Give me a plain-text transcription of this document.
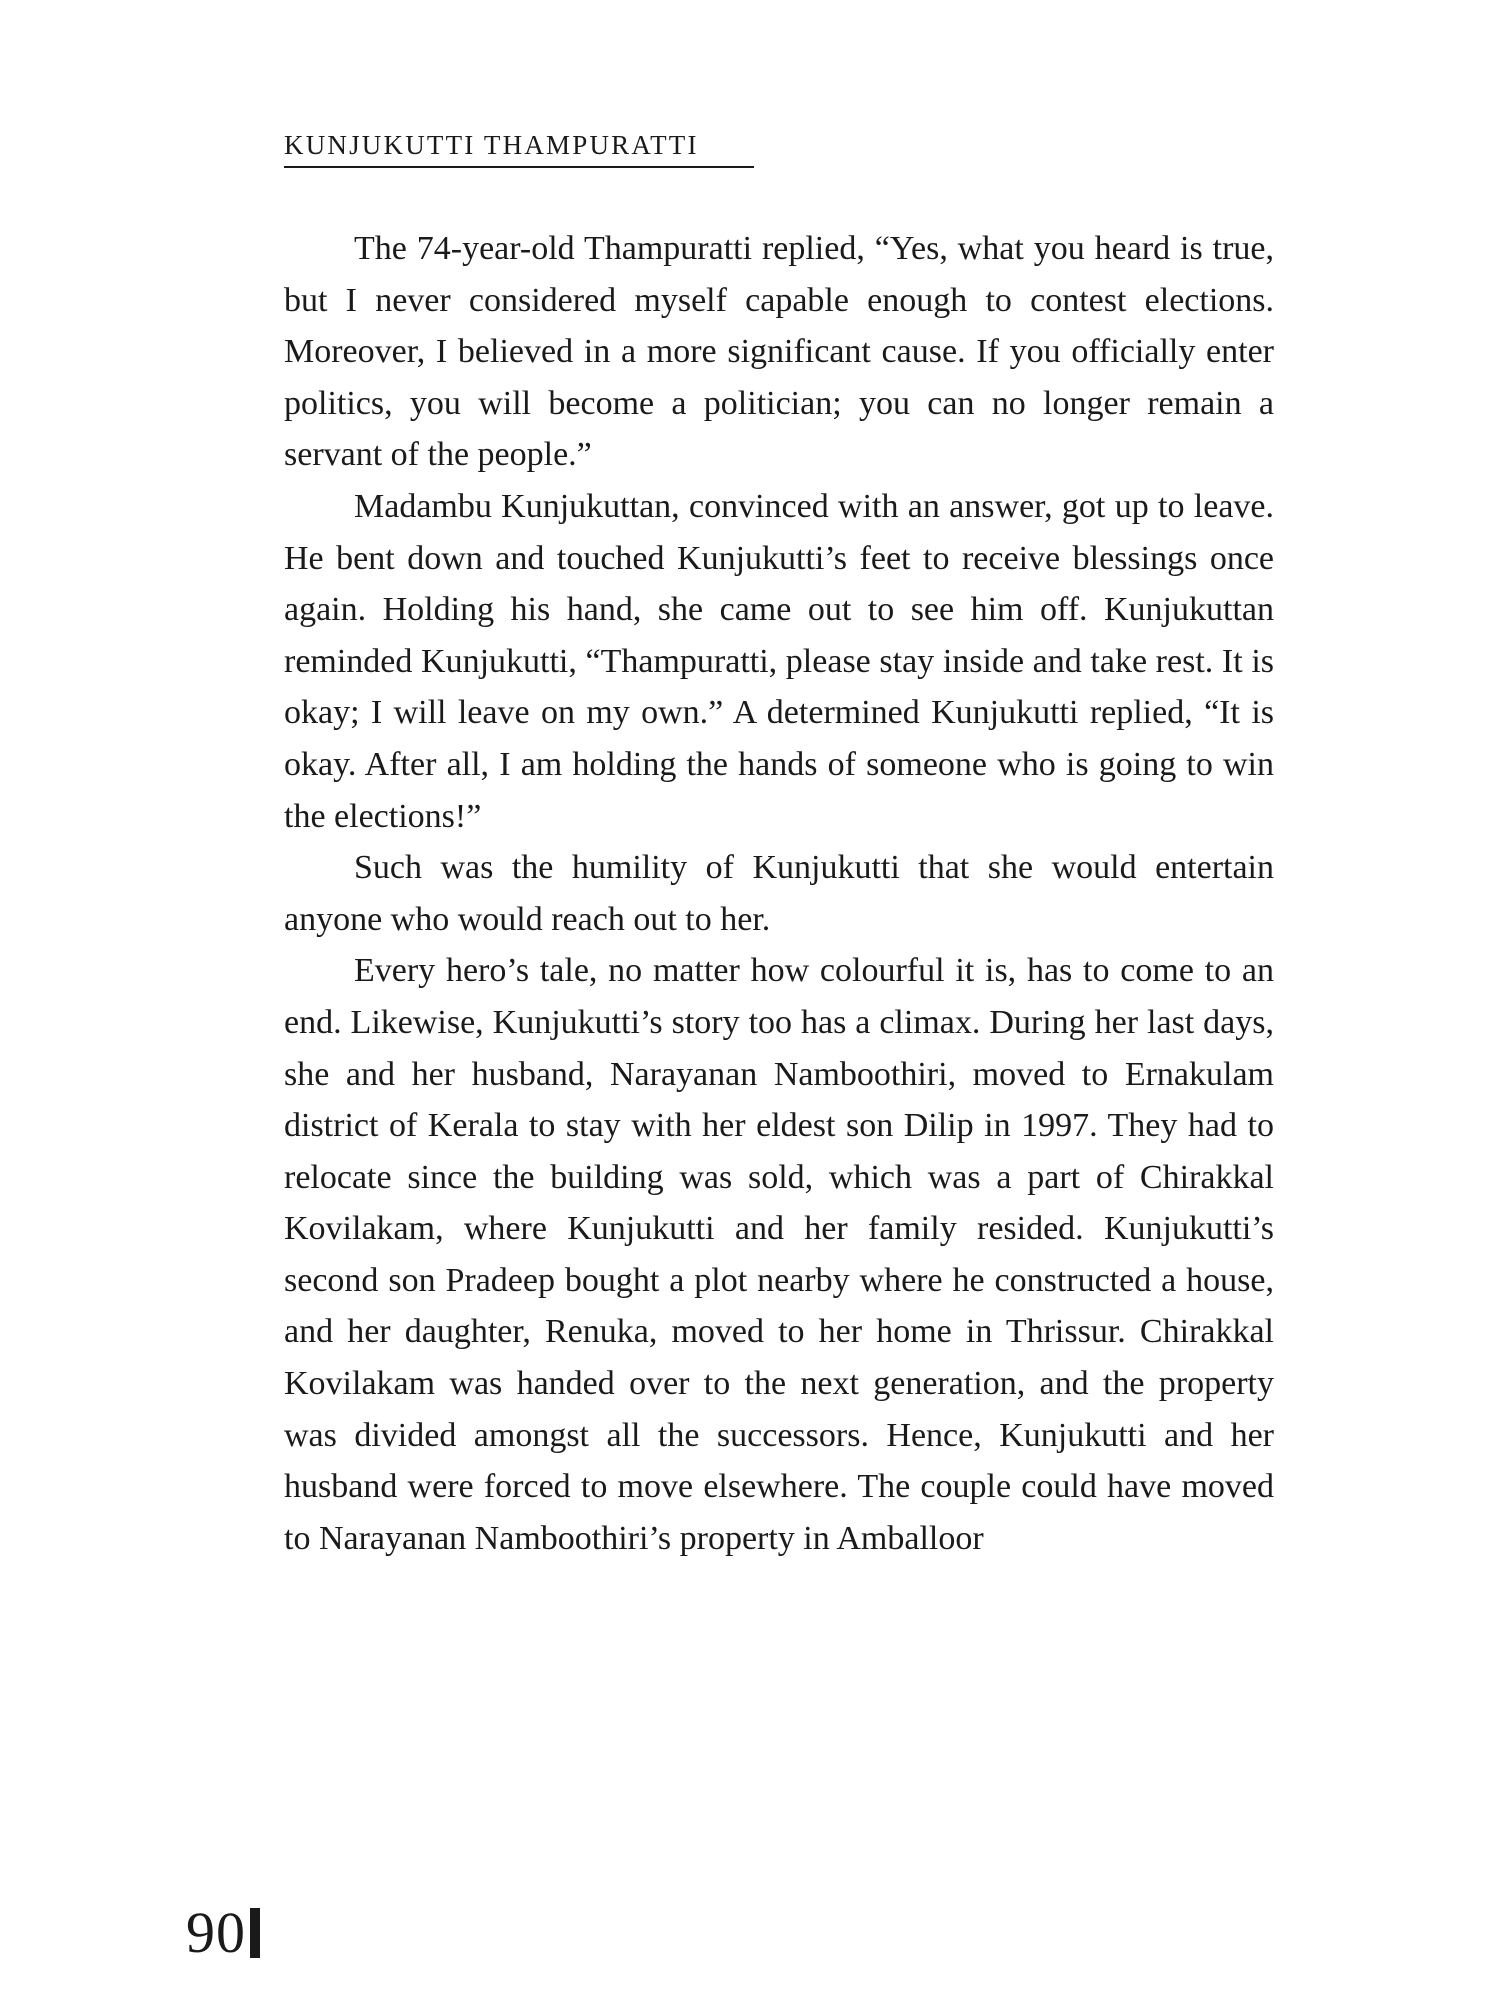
KUNJUKUTTI THAMPURATTI

The 74-year-old Thampuratti replied, “Yes, what you heard is true, but I never considered myself capable enough to contest elections. Moreover, I believed in a more significant cause. If you officially enter politics, you will become a politician; you can no longer remain a servant of the people.”

Madambu Kunjukuttan, convinced with an answer, got up to leave. He bent down and touched Kunjukutti’s feet to receive blessings once again. Holding his hand, she came out to see him off. Kunjukuttan reminded Kunjukutti, “Thampuratti, please stay inside and take rest. It is okay; I will leave on my own.” A determined Kunjukutti replied, “It is okay. After all, I am holding the hands of someone who is going to win the elections!”

Such was the humility of Kunjukutti that she would entertain anyone who would reach out to her.

Every hero’s tale, no matter how colourful it is, has to come to an end. Likewise, Kunjukutti’s story too has a climax. During her last days, she and her husband, Narayanan Namboothiri, moved to Ernakulam district of Kerala to stay with her eldest son Dilip in 1997. They had to relocate since the building was sold, which was a part of Chirakkal Kovilakam, where Kunjukutti and her family resided. Kunjukutti’s second son Pradeep bought a plot nearby where he constructed a house, and her daughter, Renuka, moved to her home in Thrissur. Chirakkal Kovilakam was handed over to the next generation, and the property was divided amongst all the successors. Hence, Kunjukutti and her husband were forced to move elsewhere. The couple could have moved to Narayanan Namboothiri’s property in Amballoor

90
